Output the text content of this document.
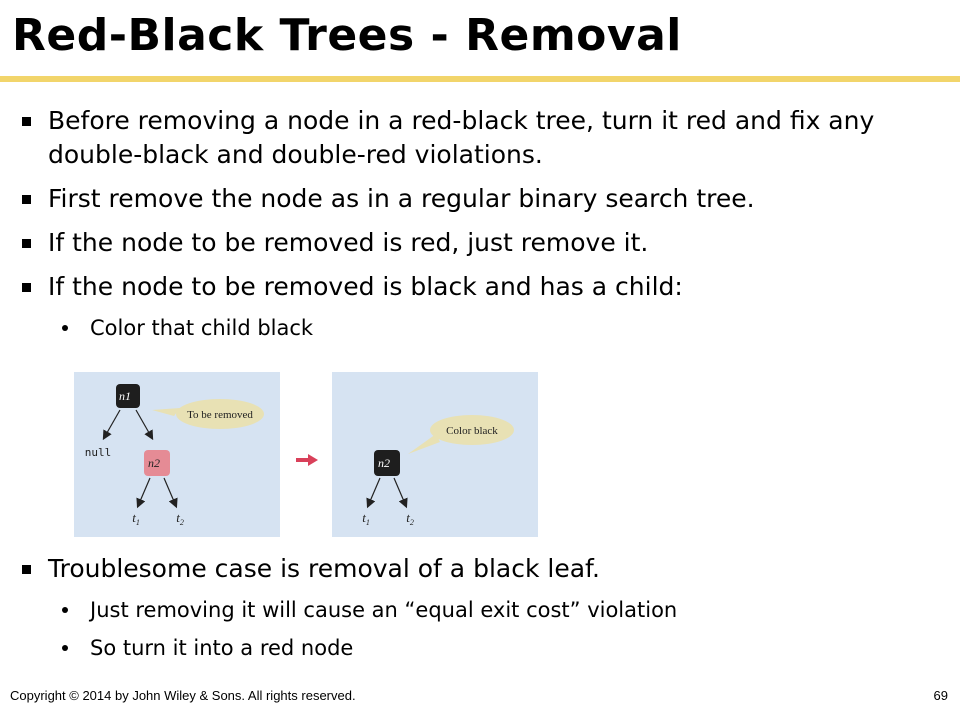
Red-Black Trees - Removal
Before removing a node in a red-black tree, turn it red and fix any double-black and double-red violations.
First remove the node as in a regular binary search tree.
If the node to be removed is red, just remove it.
If the node to be removed is black and has a child:
Color that child black
To be removed
n1
null
n2
$t_1$	$t_2$
Color black
n2
$t_1$	$t_2$
Troublesome case is removal of a black leaf.
Just removing it will cause an “equal exit cost” violation
So turn it into a red node
Copyright © 2014 by John Wiley & Sons. All rights reserved.	69
